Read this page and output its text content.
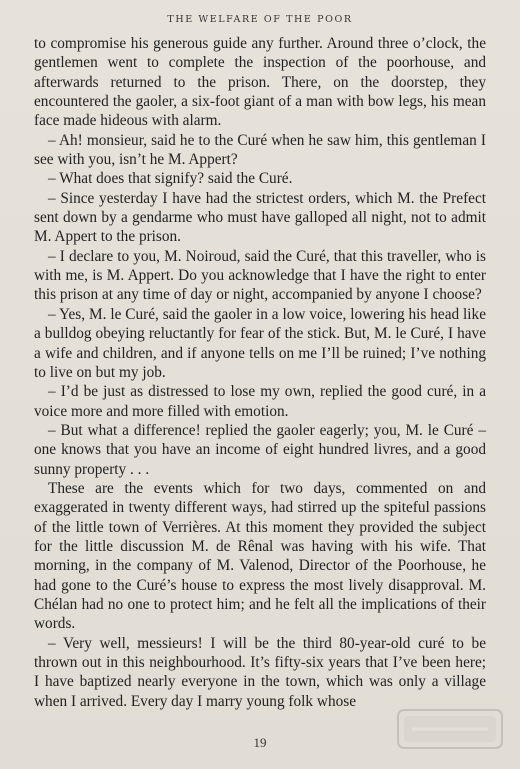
THE WELFARE OF THE POOR

to compromise his generous guide any further. Around three o’clock, the gentlemen went to complete the inspection of the poorhouse, and afterwards returned to the prison. There, on the doorstep, they encountered the gaoler, a six-foot giant of a man with bow legs, his mean face made hideous with alarm.

– Ah! monsieur, said he to the Curé when he saw him, this gentleman I see with you, isn’t he M. Appert?

– What does that signify? said the Curé.

– Since yesterday I have had the strictest orders, which M. the Prefect sent down by a gendarme who must have galloped all night, not to admit M. Appert to the prison.

– I declare to you, M. Noiroud, said the Curé, that this traveller, who is with me, is M. Appert. Do you acknowledge that I have the right to enter this prison at any time of day or night, accompanied by anyone I choose?

– Yes, M. le Curé, said the gaoler in a low voice, lowering his head like a bulldog obeying reluctantly for fear of the stick. But, M. le Curé, I have a wife and children, and if anyone tells on me I’ll be ruined; I’ve nothing to live on but my job.

– I’d be just as distressed to lose my own, replied the good curé, in a voice more and more filled with emotion.

– But what a difference! replied the gaoler eagerly; you, M. le Curé – one knows that you have an income of eight hundred livres, and a good sunny property . . .

These are the events which for two days, commented on and exaggerated in twenty different ways, had stirred up the spiteful passions of the little town of Verrières. At this moment they provided the subject for the little discussion M. de Rênal was having with his wife. That morning, in the company of M. Valenod, Director of the Poorhouse, he had gone to the Curé’s house to express the most lively disapproval. M. Chélan had no one to protect him; and he felt all the implications of their words.

– Very well, messieurs! I will be the third 80-year-old curé to be thrown out in this neighbourhood. It’s fifty-six years that I’ve been here; I have baptized nearly everyone in the town, which was only a village when I arrived. Every day I marry young folk whose

19
